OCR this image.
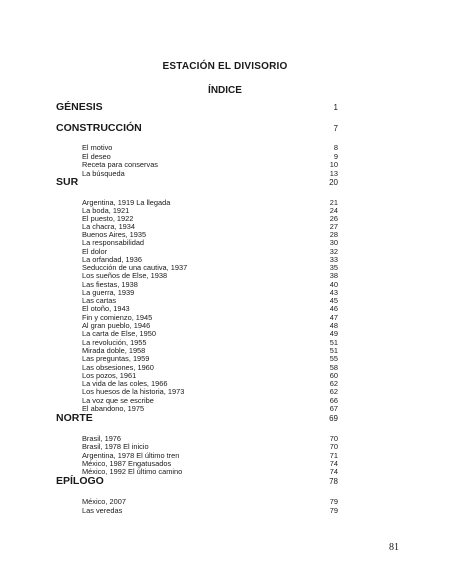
ESTACIÓN EL DIVISORIO
ÍNDICE
GÉNESIS	1
CONSTRUCCIÓN	7
El motivo	8
El deseo	9
Receta para conservas	10
La búsqueda	13
SUR	20
Argentina, 1919 La llegada	21
La boda, 1921	24
El puesto, 1922	26
La chacra, 1934	27
Buenos Aires, 1935	28
La responsabilidad	30
El dolor	32
La orfandad, 1936	33
Seducción de una cautiva, 1937	35
Los sueños de Else, 1938	38
Las fiestas, 1938	40
La guerra, 1939	43
Las cartas	45
El otoño, 1943	46
Fin y comienzo, 1945	47
Al gran pueblo, 1946	48
La carta de Else, 1950	49
La revolución, 1955	51
Mirada doble, 1958	51
Las preguntas, 1959	55
Las obsesiones, 1960	58
Los pozos, 1961	60
La vida de las coles, 1966	62
Los huesos de la historia, 1973	62
La voz que se escribe	66
El abandono, 1975	67
NORTE	69
Brasil, 1976	70
Brasil, 1978 El inicio	70
Argentina, 1978 El último tren	71
México, 1987 Engatusados	74
México, 1992 El último camino	74
EPÍLOGO	78
México, 2007	79
Las veredas	79
81
